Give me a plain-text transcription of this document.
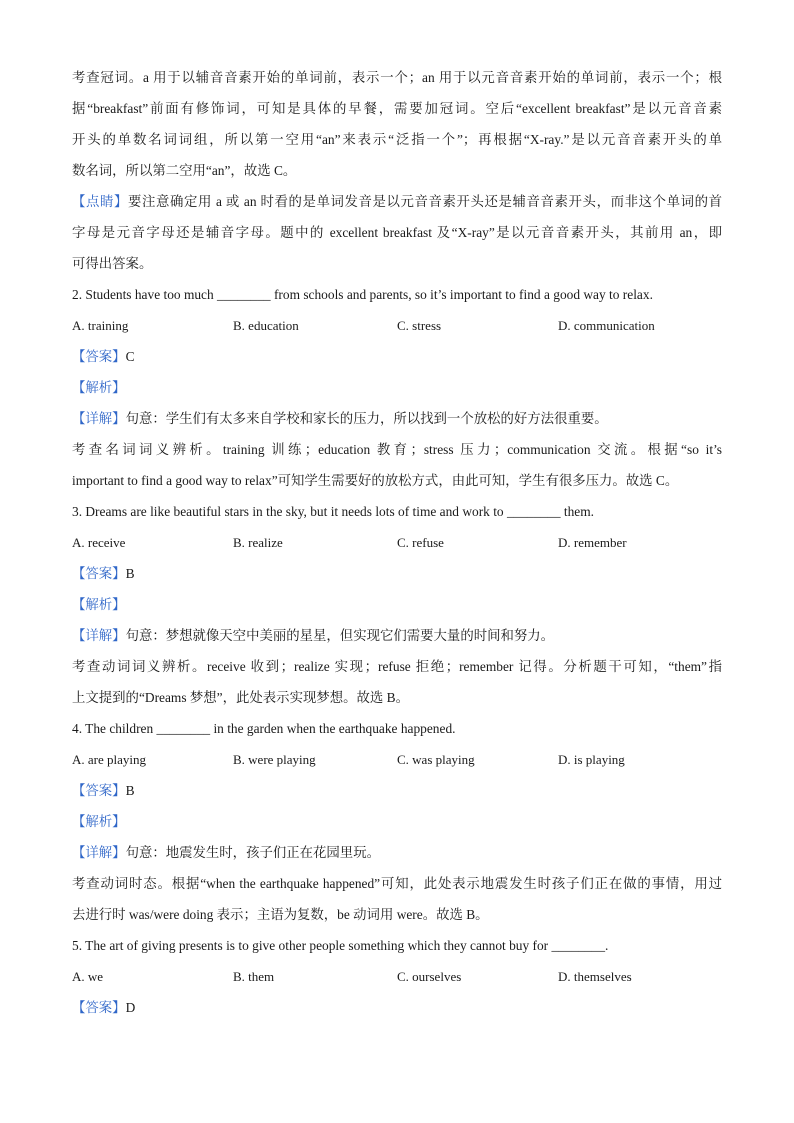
考查冠词。a 用于以辅音音素开始的单词前，表示一个；an 用于以元音音素开始的单词前，表示一个；根
据“breakfast”前面有修饰词，可知是具体的早餐，需要加冠词。空后“excellent breakfast”是以元音音素
开头的单数名词词组，所以第一空用“an”来表示“泛指一个”；再根据“X-ray.”是以元音音素开头的单
数名词，所以第二空用“an”，故选 C。
【点睛】要注意确定用 a 或 an 时看的是单词发音是以元音音素开头还是辅音音素开头，而非这个单词的首
字母是元音字母还是辅音字母。题中的 excellent breakfast 及“X-ray”是以元音音素开头，其前用 an，即
可得出答案。
2. Students have too much ________ from schools and parents, so it’s important to find a good way to relax.
A. training	B. education	C. stress	D. communication
【答案】C
【解析】
【详解】句意：学生们有太多来自学校和家长的压力，所以找到一个放松的好方法很重要。
考查名词词义辨析。training 训练；education 教育；stress 压力；communication 交流。根据“so it’s
important to find a good way to relax”可知学生需要好的放松方式，由此可知，学生有很多压力。故选 C。
3. Dreams are like beautiful stars in the sky, but it needs lots of time and work to ________ them.
A. receive	B. realize	C. refuse	D. remember
【答案】B
【解析】
【详解】句意：梦想就像天空中美丽的星星，但实现它们需要大量的时间和努力。
考查动词词义辨析。receive 收到；realize 实现；refuse 拒绝；remember 记得。分析题干可知，“them”指
上文提到的“Dreams 梦想”，此处表示实现梦想。故选 B。
4. The children ________ in the garden when the earthquake happened.
A. are playing	B. were playing	C. was playing	D. is playing
【答案】B
【解析】
【详解】句意：地震发生时，孩子们正在花园里玩。
考查动词时态。根据“when the earthquake happened”可知，此处表示地震发生时孩子们正在做的事情，用过
去进行时 was/were doing 表示；主语为复数，be 动词用 were。故选 B。
5. The art of giving presents is to give other people something which they cannot buy for ________.
A. we	B. them	C. ourselves	D. themselves
【答案】D
